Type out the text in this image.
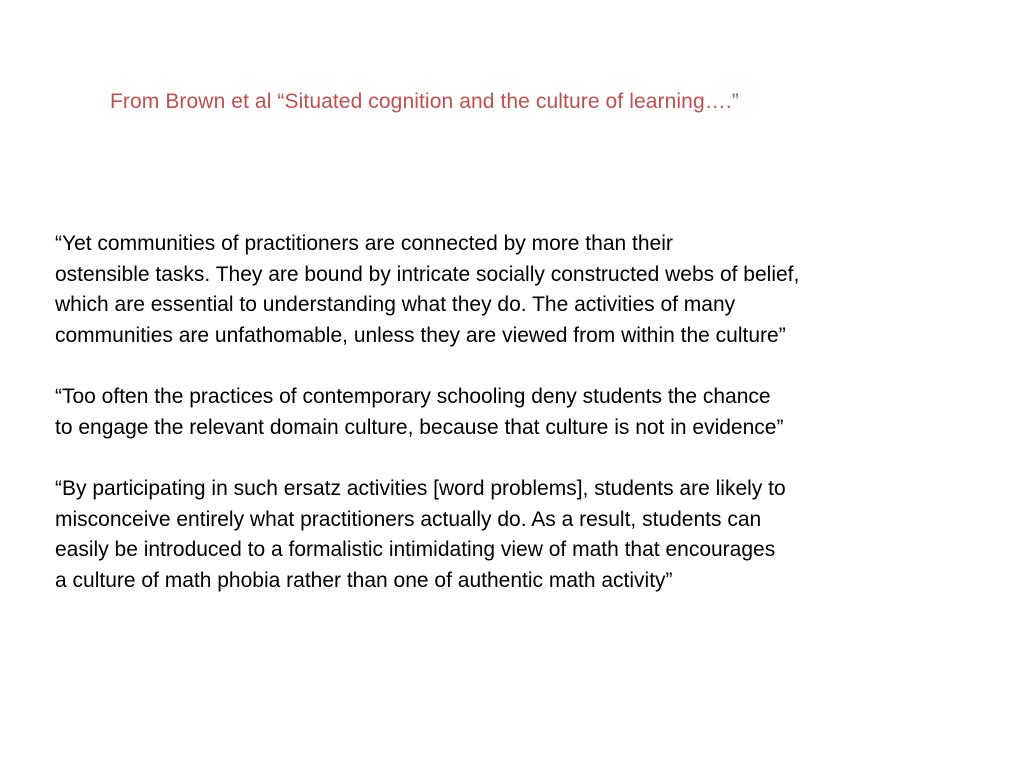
From Brown et al “Situated cognition and the culture of learning….”
“Yet communities of practitioners are connected by more than their
ostensible tasks. They are bound by intricate socially constructed webs of belief,
which are essential to understanding what they do. The activities of many
communities are unfathomable, unless they are viewed from within the culture”
“Too often the practices of contemporary schooling deny students the chance
to engage the relevant domain culture, because that culture is not in evidence”
“By participating in such ersatz activities [word problems], students are likely to
misconceive entirely what practitioners actually do. As a result, students can
easily be introduced to a formalistic intimidating view of math that encourages
a culture of math phobia rather than one of authentic math activity”
